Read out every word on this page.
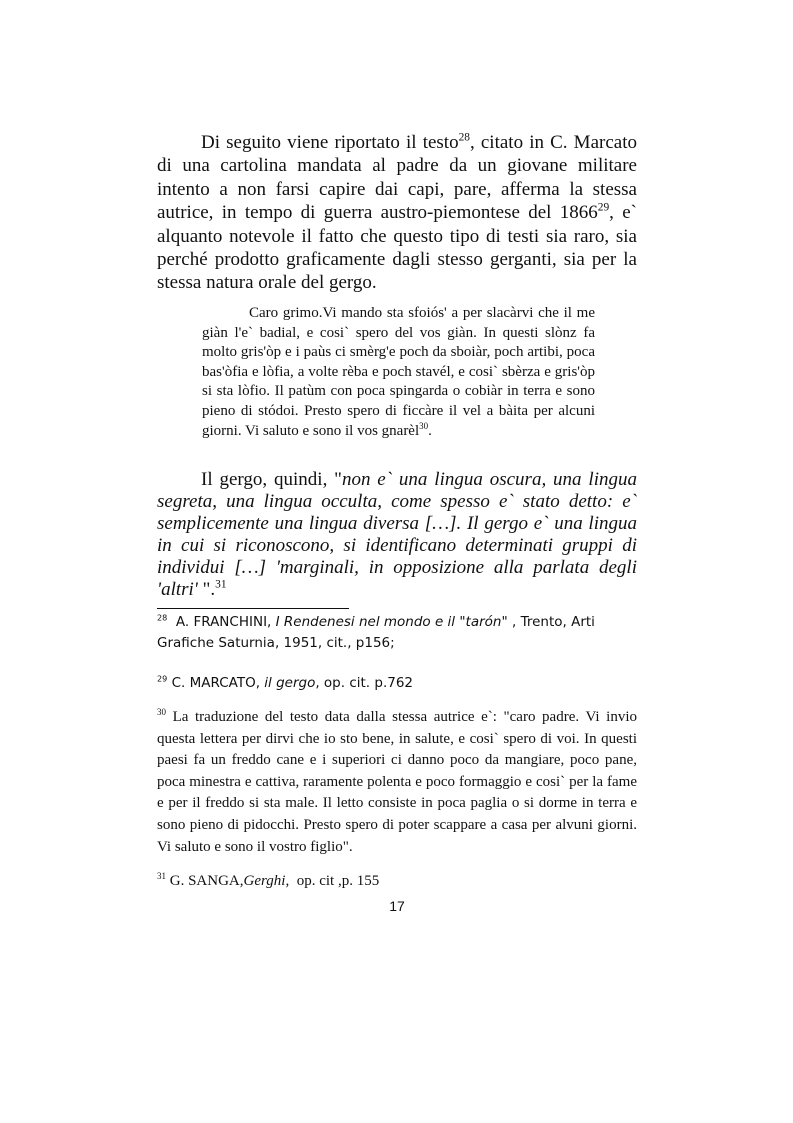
Di seguito viene riportato il testo$^{28}$, citato in C. Marcato di una cartolina mandata al padre da un giovane militare intento a non farsi capire dai capi, pare, afferma la stessa autrice, in tempo di guerra austro-piemontese del 1866$^{29}$, e` alquanto notevole il fatto che questo tipo di testi sia raro, sia perché prodotto graficamente dagli stesso gerganti, sia per la stessa natura orale del gergo.

Caro grimo.Vi mando sta sfoiós' a per slacàrvi che il me giàn l'e` badial, e cosi` spero del vos giàn. In questi slònz fa molto gris'òp e i paùs ci smèrg'e poch da sboiàr, poch artibi, poca bas'òfia e lòfia, a volte rèba e poch stavél, e cosi` sbèrza e gris'òp si sta lòfio. Il patùm con poca spingarda o cobiàr in terra e sono pieno di stódoi. Presto spero di ficcàre il vel a bàita per alcuni giorni. Vi saluto e sono il vos gnarèl$^{30}$.

Il gergo, quindi, "non e` una lingua oscura, una lingua segreta, una lingua occulta, come spesso e` stato detto: e` semplicemente una lingua diversa […]. Il gergo e` una lingua in cui si riconoscono, si identificano determinati gruppi di individui […] 'marginali, in opposizione alla parlata degli 'altri' ".$^{31}$

$^{28}$  A. FRANCHINI, I Rendenesi nel mondo e il "tarón" , Trento, Arti Grafiche Saturnia, 1951, cit., p156;

$^{29}$ C. MARCATO, il gergo, op. cit. p.762

$^{30}$ La traduzione del testo data dalla stessa autrice e`: "caro padre. Vi invio questa lettera per dirvi che io sto bene, in salute, e cosi` spero di voi. In questi paesi fa un freddo cane e i superiori ci danno poco da mangiare, poco pane, poca minestra e cattiva, raramente polenta e poco formaggio e cosi` per la fame e per il freddo si sta male. Il letto consiste in poca paglia o si dorme in terra e sono pieno di pidocchi. Presto spero di poter scappare a casa per alvuni giorni. Vi saluto e sono il vostro figlio".

$^{31}$ G. SANGA,Gerghi,  op. cit ,p. 155

17
